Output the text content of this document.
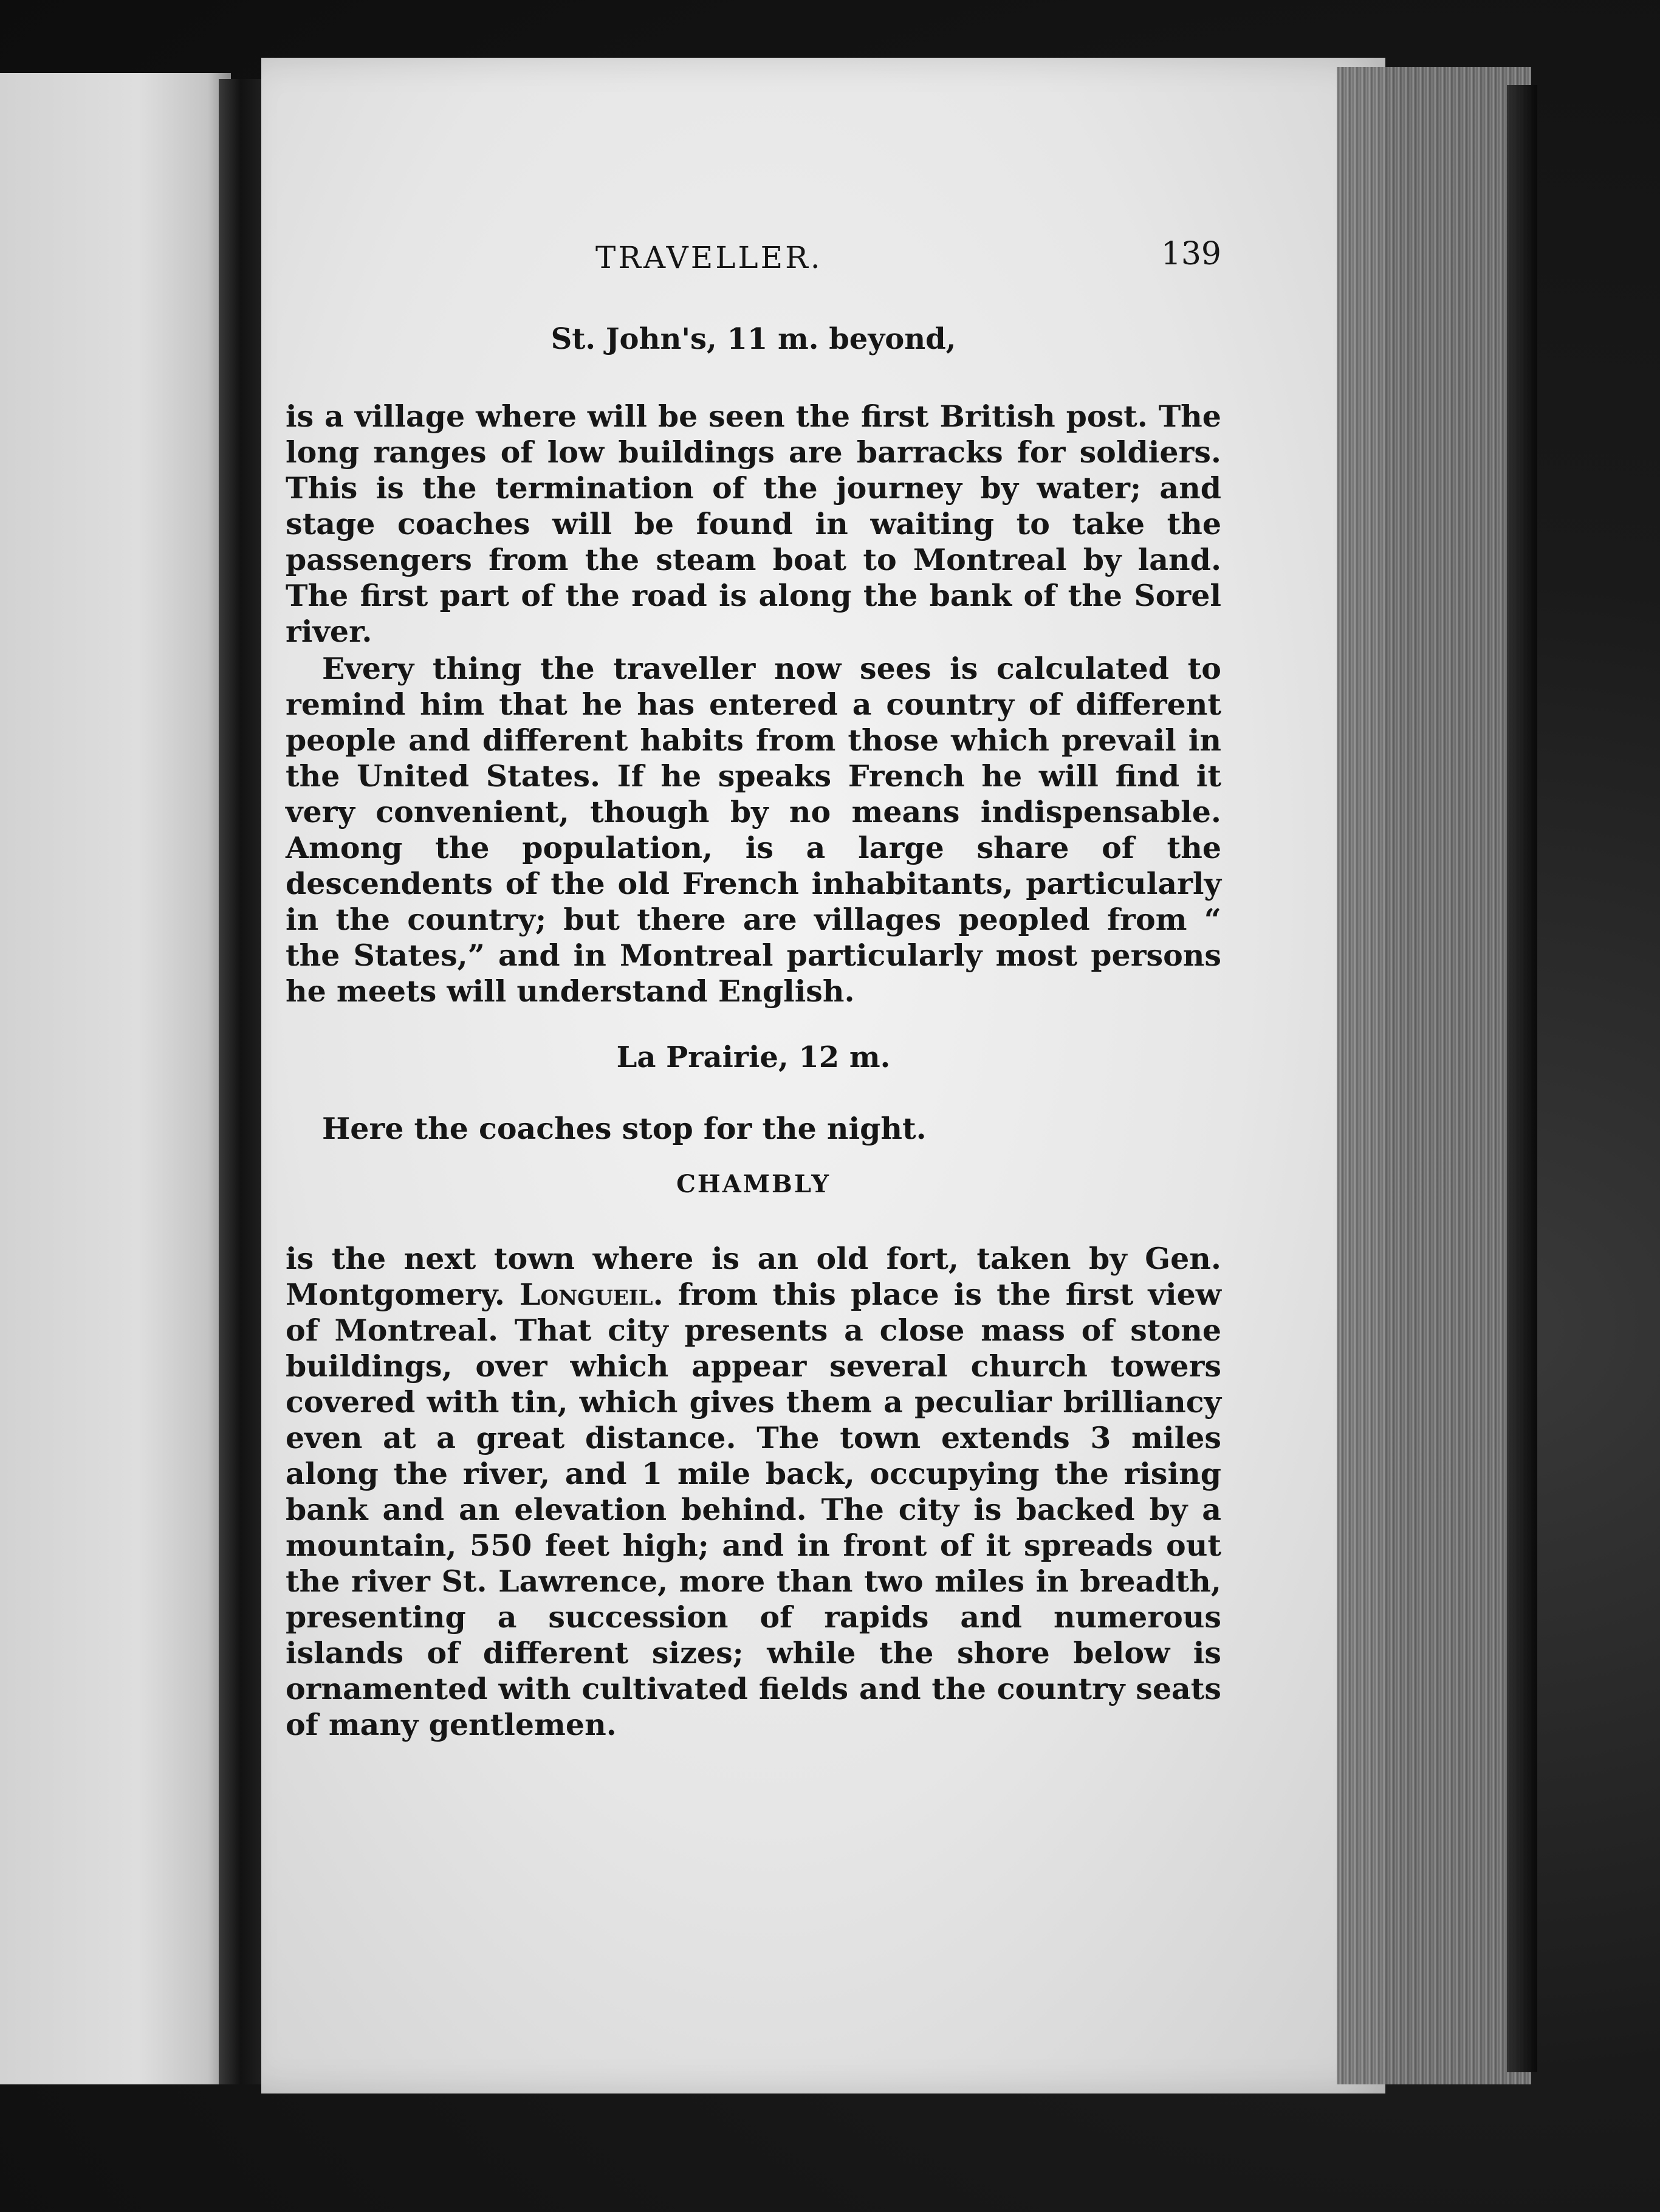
TRAVELLER.	139

St. John's, 11 m. beyond,

is a village where will be seen the first British post. The long ranges of low buildings are barracks for soldiers. This is the termination of the journey by water; and stage coaches will be found in waiting to take the passengers from the steam boat to Montreal by land. The first part of the road is along the bank of the Sorel river.

Every thing the traveller now sees is calculated to remind him that he has entered a country of different people and different habits from those which prevail in the United States. If he speaks French he will find it very convenient, though by no means indispensable. Among the population, is a large share of the descendents of the old French inhabitants, particularly in the country; but there are villages peopled from “ the States,” and in Montreal particularly most persons he meets will understand English.

La Prairie, 12 m.

Here the coaches stop for the night.

CHAMBLY

is the next town where is an old fort, taken by Gen. Montgomery. Longueil. from this place is the first view of Montreal. That city presents a close mass of stone buildings, over which appear several church towers covered with tin, which gives them a peculiar brilliancy even at a great distance. The town extends 3 miles along the river, and 1 mile back, occupying the rising bank and an elevation behind. The city is backed by a mountain, 550 feet high; and in front of it spreads out the river St. Lawrence, more than two miles in breadth, presenting a succession of rapids and numerous islands of different sizes; while the shore below is ornamented with cultivated fields and the country seats of many gentlemen.
